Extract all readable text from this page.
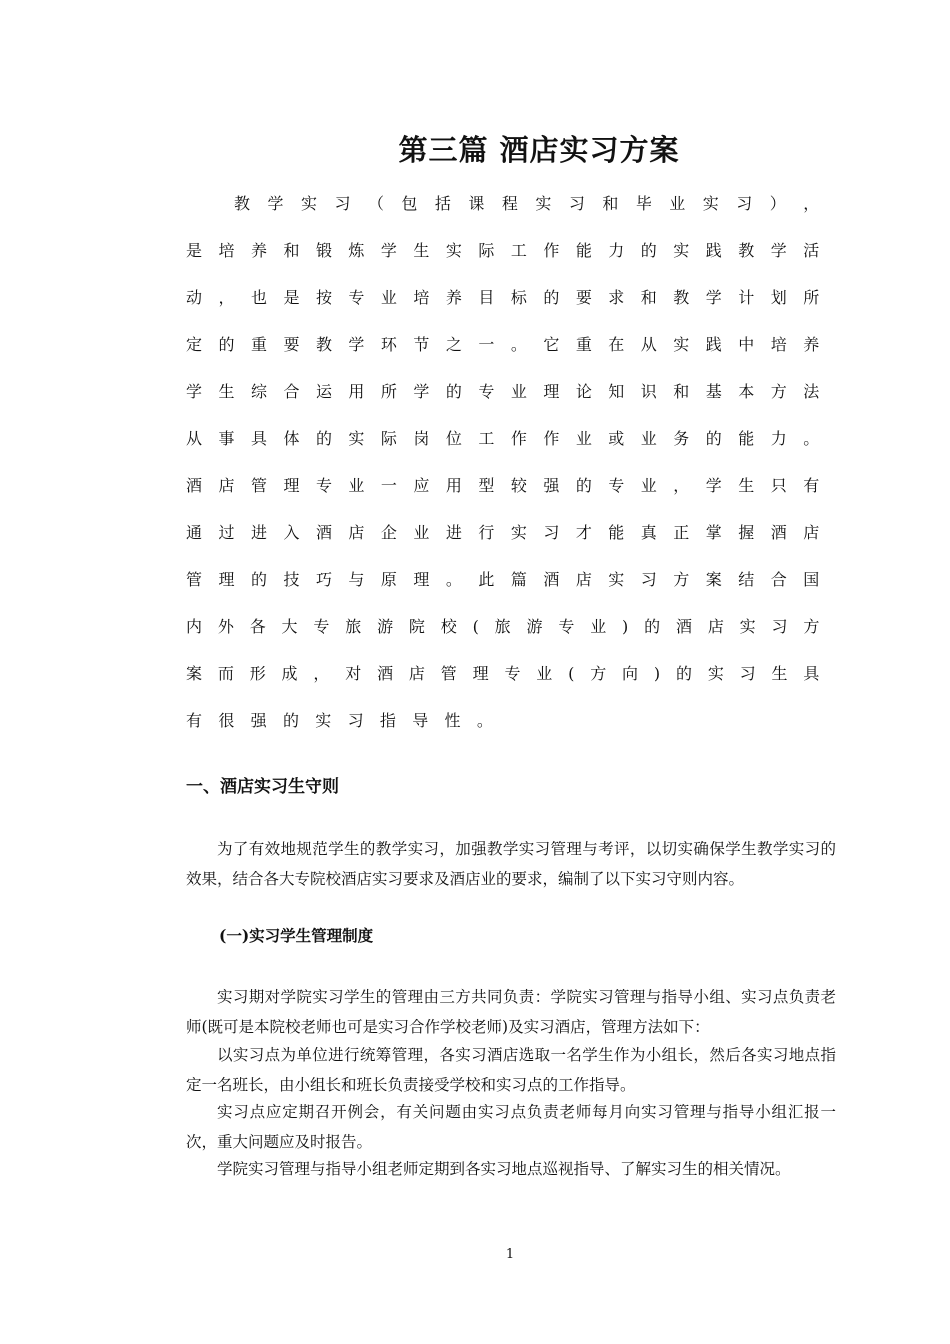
第三篇 酒店实习方案
教 学 实 习 （ 包 括 课 程 实 习 和 毕 业 实 习 ） ，
是 培 养 和 锻 炼 学 生 实 际 工 作 能 力 的 实 践 教 学 活
动 ， 也 是 按 专 业 培 养 目 标 的 要 求 和 教 学 计 划 所
定 的 重 要 教 学 环 节 之 一 。 它 重 在 从 实 践 中 培 养
学 生 综 合 运 用 所 学 的 专 业 理 论 知 识 和 基 本 方 法
从 事 具 体 的 实 际 岗 位 工 作 作 业 或 业 务 的 能 力 。
酒 店 管 理 专 业 一 应 用 型 较 强 的 专 业 ， 学 生 只 有
通 过 进 入 酒 店 企 业 进 行 实 习 才 能 真 正 掌 握 酒 店
管 理 的 技 巧 与 原 理 。 此 篇 酒 店 实 习 方 案 结 合 国
内 外 各 大 专 旅 游 院 校 ( 旅 游 专 业 ) 的 酒 店 实 习 方
案 而 形 成 ， 对 酒 店 管 理 专 业 ( 方 向 ) 的 实 习 生 具
有 很 强 的 实 习 指 导 性 。
一、酒店实习生守则

为了有效地规范学生的教学实习，加强教学实习管理与考评，以切实确保学生教学实习的效果，结合各大专院校酒店实习要求及酒店业的要求，编制了以下实习守则内容。

(一)实习学生管理制度

实习期对学院实习学生的管理由三方共同负责：学院实习管理与指导小组、实习点负责老师(既可是本院校老师也可是实习合作学校老师)及实习酒店，管理方法如下：

以实习点为单位进行统筹管理，各实习酒店选取一名学生作为小组长，然后各实习地点指定一名班长，由小组长和班长负责接受学校和实习点的工作指导。

实习点应定期召开例会，有关问题由实习点负责老师每月向实习管理与指导小组汇报一次，重大问题应及时报告。

学院实习管理与指导小组老师定期到各实习地点巡视指导、了解实习生的相关情况。

1
